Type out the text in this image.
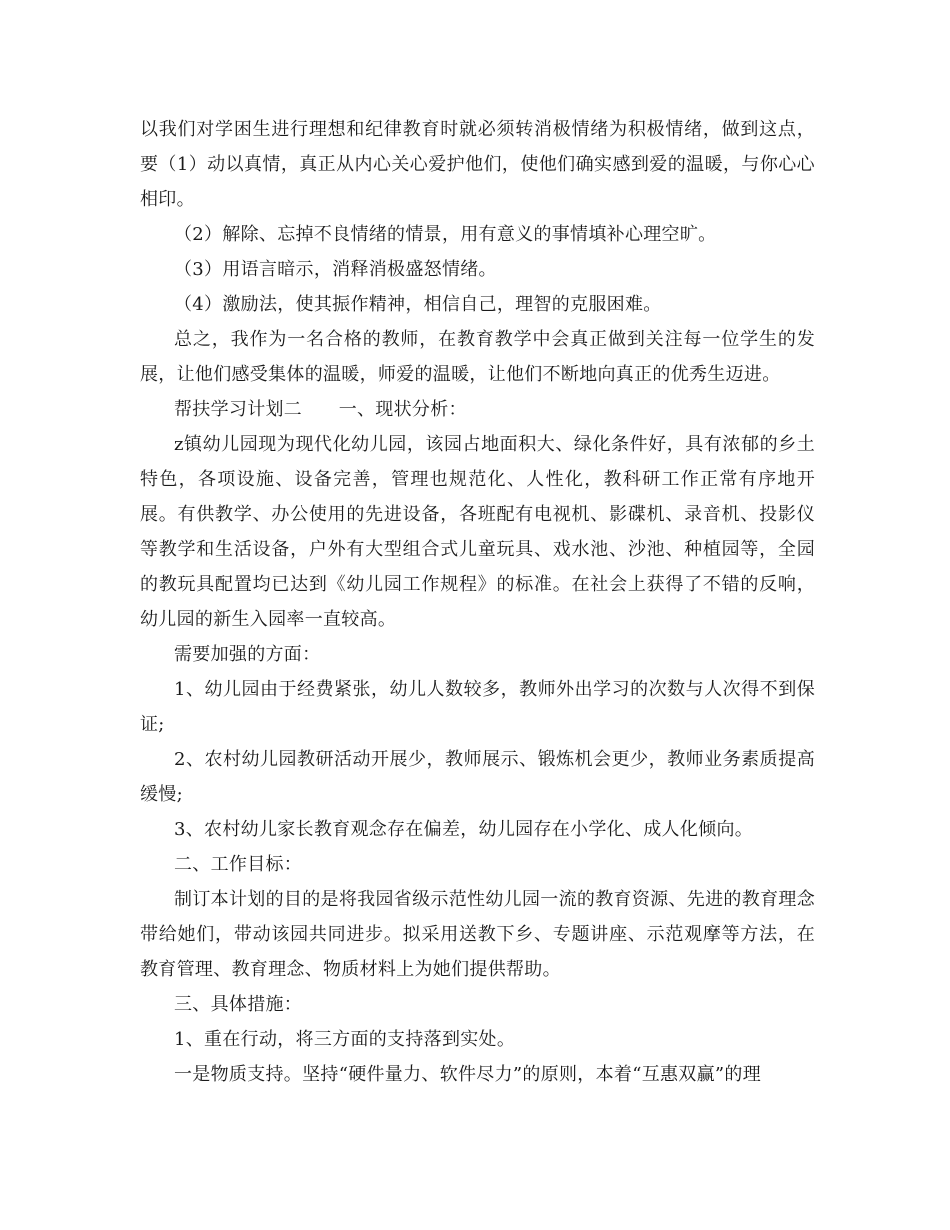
以我们对学困生进行理想和纪律教育时就必须转消极情绪为积极情绪，做到这点，要（1）动以真情，真正从内心关心爱护他们，使他们确实感到爱的温暖，与你心心相印。

（2）解除、忘掉不良情绪的情景，用有意义的事情填补心理空旷。

（3）用语言暗示，消释消极盛怒情绪。

（4）激励法，使其振作精神，相信自己，理智的克服困难。

总之，我作为一名合格的教师，在教育教学中会真正做到关注每一位学生的发展，让他们感受集体的温暖，师爱的温暖，让他们不断地向真正的优秀生迈进。

帮扶学习计划二　　一、现状分析：

z镇幼儿园现为现代化幼儿园，该园占地面积大、绿化条件好，具有浓郁的乡土特色，各项设施、设备完善，管理也规范化、人性化，教科研工作正常有序地开展。有供教学、办公使用的先进设备，各班配有电视机、影碟机、录音机、投影仪等教学和生活设备，户外有大型组合式儿童玩具、戏水池、沙池、种植园等，全园的教玩具配置均已达到《幼儿园工作规程》的标准。在社会上获得了不错的反响，幼儿园的新生入园率一直较高。

需要加强的方面：

1、幼儿园由于经费紧张，幼儿人数较多，教师外出学习的次数与人次得不到保证;

2、农村幼儿园教研活动开展少，教师展示、锻炼机会更少，教师业务素质提高缓慢;

3、农村幼儿家长教育观念存在偏差，幼儿园存在小学化、成人化倾向。

二、工作目标：

制订本计划的目的是将我园省级示范性幼儿园一流的教育资源、先进的教育理念带给她们，带动该园共同进步。拟采用送教下乡、专题讲座、示范观摩等方法，在教育管理、教育理念、物质材料上为她们提供帮助。

三、具体措施：

1、重在行动，将三方面的支持落到实处。

一是物质支持。坚持“硬件量力、软件尽力”的原则，本着“互惠双赢”的理
